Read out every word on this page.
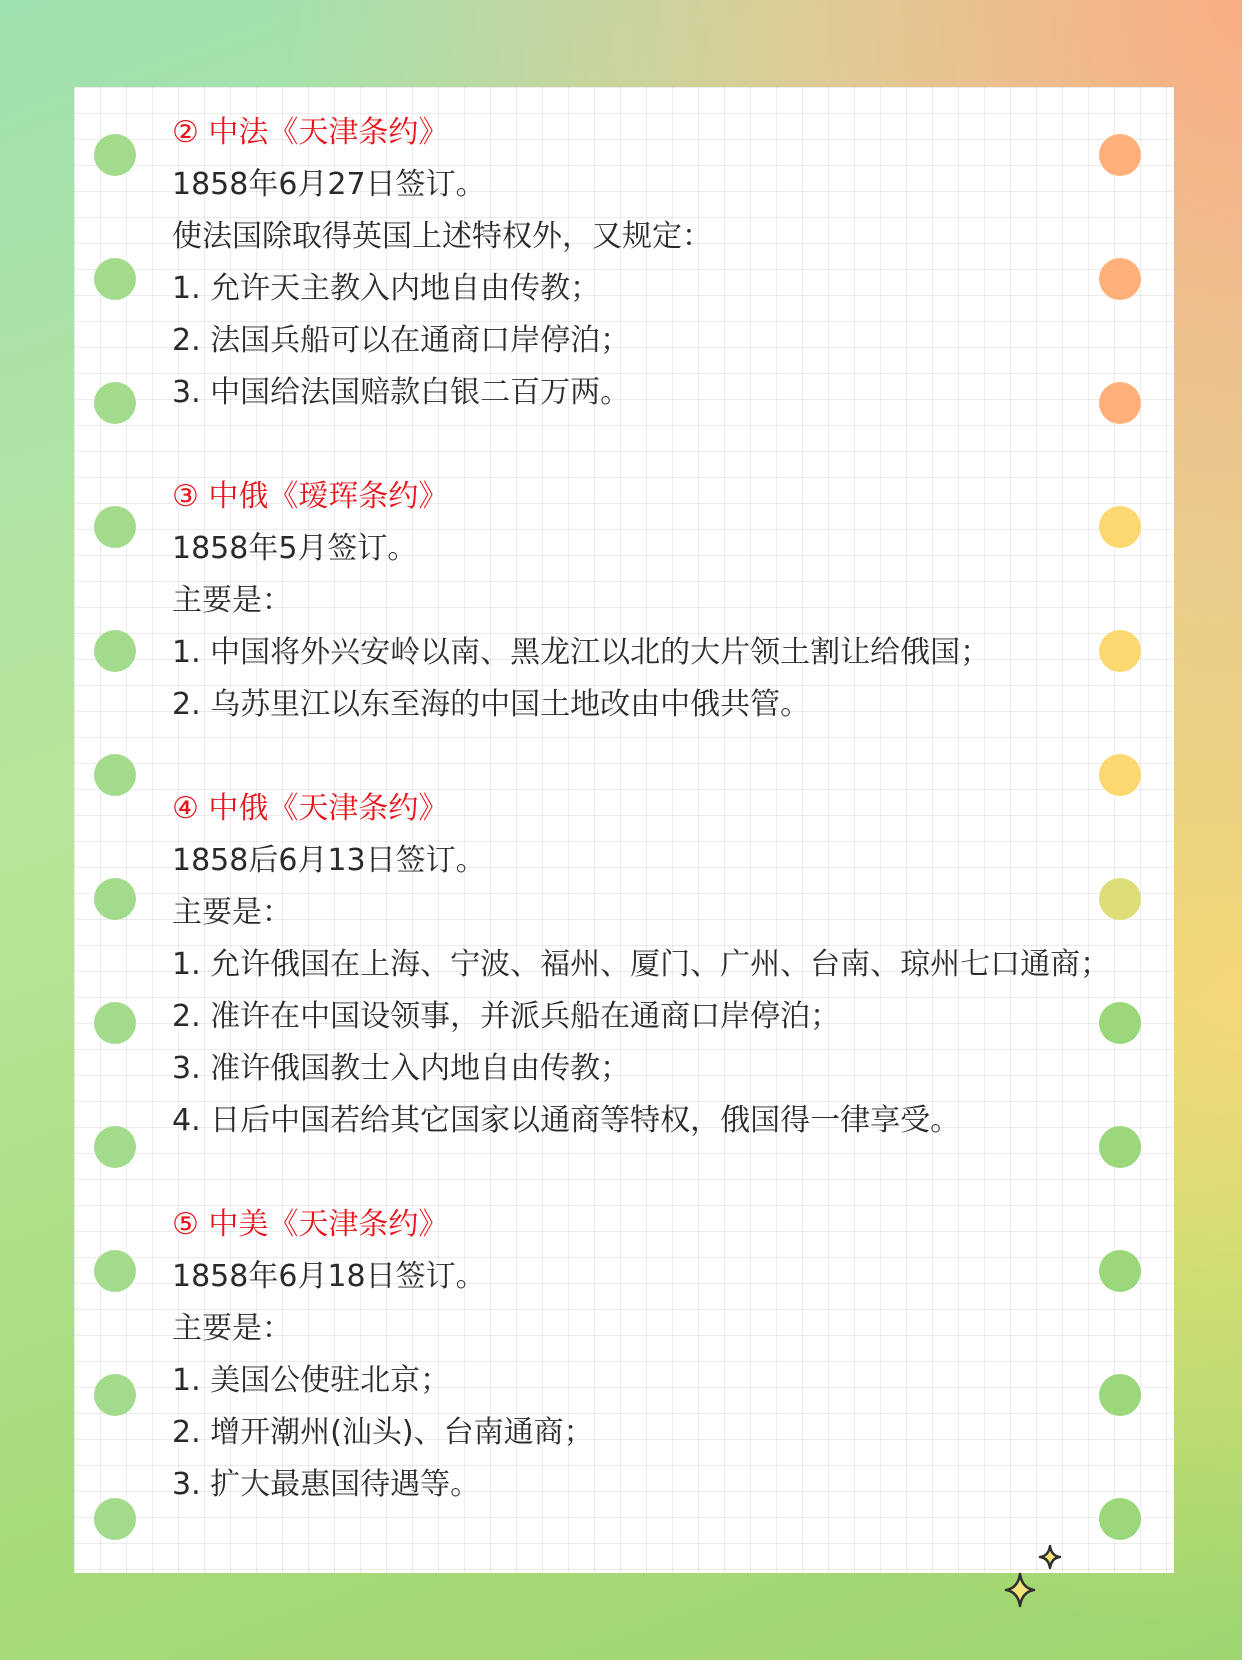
② 中法《天津条约》
1858年6月27日签订。
使法国除取得英国上述特权外，又规定：
1. 允许天主教入内地自由传教；
2. 法国兵船可以在通商口岸停泊；
3. 中国给法国赔款白银二百万两。
③ 中俄《瑷珲条约》
1858年5月签订。
主要是：
1. 中国将外兴安岭以南、黑龙江以北的大片领土割让给俄国；
2. 乌苏里江以东至海的中国土地改由中俄共管。
④ 中俄《天津条约》
1858后6月13日签订。
主要是：
1. 允许俄国在上海、宁波、福州、厦门、广州、台南、琼州七口通商；
2. 准许在中国设领事，并派兵船在通商口岸停泊；
3. 准许俄国教士入内地自由传教；
4. 日后中国若给其它国家以通商等特权，俄国得一律享受。
⑤ 中美《天津条约》
1858年6月18日签订。
主要是：
1. 美国公使驻北京；
2. 增开潮州(汕头)、台南通商；
3. 扩大最惠国待遇等。
